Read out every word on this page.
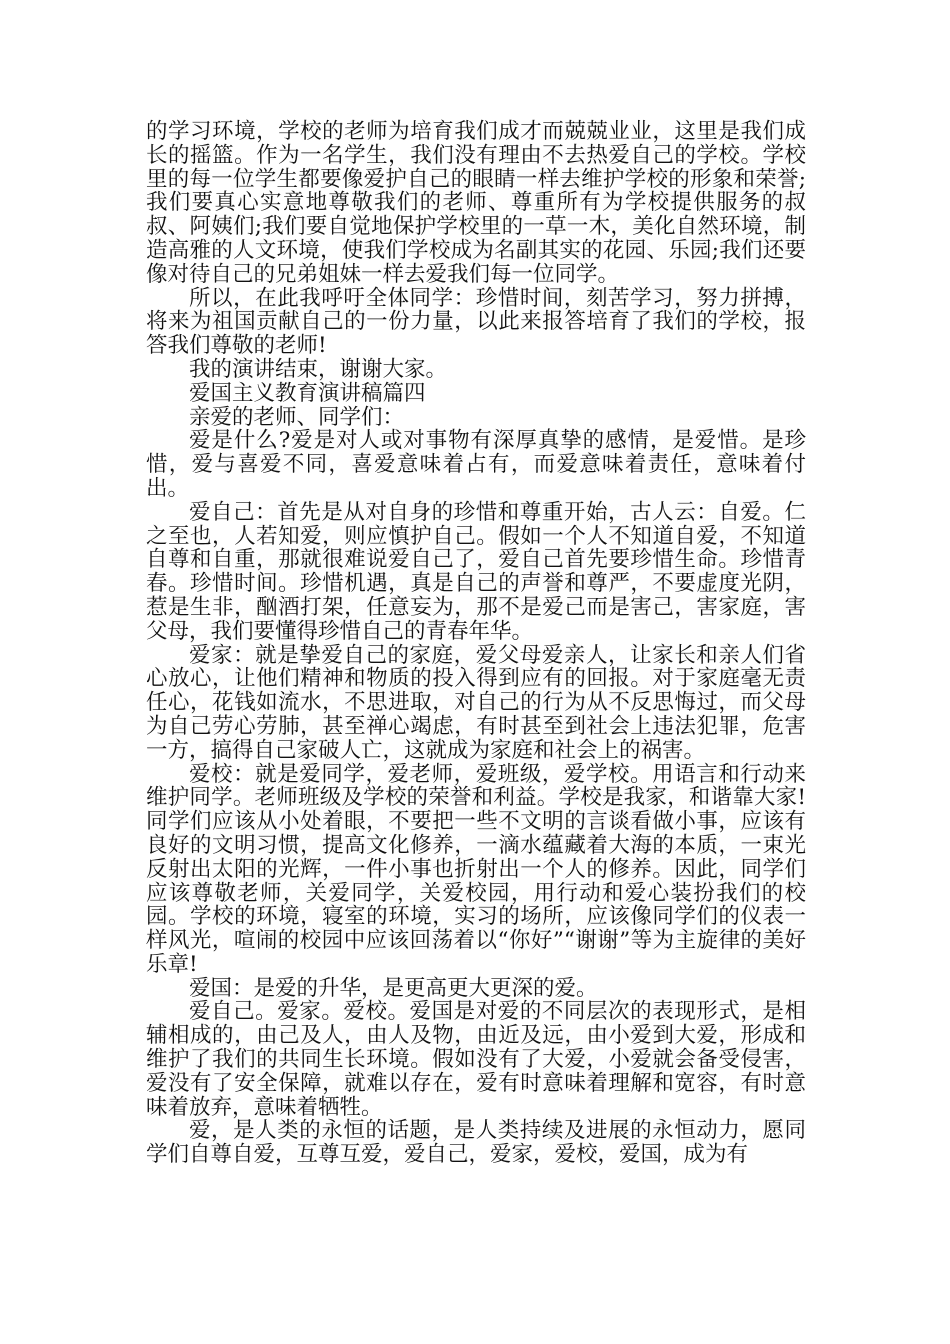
的学习环境，学校的老师为培育我们成才而兢兢业业，这里是我们成长的摇篮。作为一名学生，我们没有理由不去热爱自己的学校。学校里的每一位学生都要像爱护自己的眼睛一样去维护学校的形象和荣誉;我们要真心实意地尊敬我们的老师、尊重所有为学校提供服务的叔叔、阿姨们;我们要自觉地保护学校里的一草一木，美化自然环境，制造高雅的人文环境，使我们学校成为名副其实的花园、乐园;我们还要像对待自己的兄弟姐妹一样去爱我们每一位同学。

所以，在此我呼吁全体同学：珍惜时间，刻苦学习，努力拼搏，将来为祖国贡献自己的一份力量，以此来报答培育了我们的学校，报答我们尊敬的老师!

我的演讲结束，谢谢大家。

爱国主义教育演讲稿篇四

亲爱的老师、同学们：

爱是什么?爱是对人或对事物有深厚真挚的感情，是爱惜。是珍惜，爱与喜爱不同，喜爱意味着占有，而爱意味着责任，意味着付出。

爱自己：首先是从对自身的珍惜和尊重开始，古人云：自爱。仁之至也，人若知爱，则应慎护自己。假如一个人不知道自爱，不知道自尊和自重，那就很难说爱自己了，爱自己首先要珍惜生命。珍惜青春。珍惜时间。珍惜机遇，真是自己的声誉和尊严，不要虚度光阴，惹是生非，酗酒打架，任意妄为，那不是爱己而是害己，害家庭，害父母，我们要懂得珍惜自己的青春年华。

爱家：就是挚爱自己的家庭，爱父母爱亲人，让家长和亲人们省心放心，让他们精神和物质的投入得到应有的回报。对于家庭毫无责任心，花钱如流水，不思进取，对自己的行为从不反思悔过，而父母为自己劳心劳肺，甚至禅心竭虑，有时甚至到社会上违法犯罪，危害一方，搞得自己家破人亡，这就成为家庭和社会上的祸害。

爱校：就是爱同学，爱老师，爱班级，爱学校。用语言和行动来维护同学。老师班级及学校的荣誉和利益。学校是我家，和谐靠大家!同学们应该从小处着眼，不要把一些不文明的言谈看做小事，应该有良好的文明习惯，提高文化修养，一滴水蕴藏着大海的本质，一束光反射出太阳的光辉，一件小事也折射出一个人的修养。因此，同学们应该尊敬老师，关爱同学，关爱校园，用行动和爱心装扮我们的校园。学校的环境，寝室的环境，实习的场所，应该像同学们的仪表一样风光，喧闹的校园中应该回荡着以“你好”“谢谢”等为主旋律的美好乐章!

爱国：是爱的升华，是更高更大更深的爱。

爱自己。爱家。爱校。爱国是对爱的不同层次的表现形式，是相辅相成的，由己及人，由人及物，由近及远，由小爱到大爱，形成和维护了我们的共同生长环境。假如没有了大爱，小爱就会备受侵害，爱没有了安全保障，就难以存在，爱有时意味着理解和宽容，有时意味着放弃，意味着牺牲。

爱，是人类的永恒的话题，是人类持续及进展的永恒动力，愿同学们自尊自爱，互尊互爱，爱自己，爱家，爱校，爱国，成为有
